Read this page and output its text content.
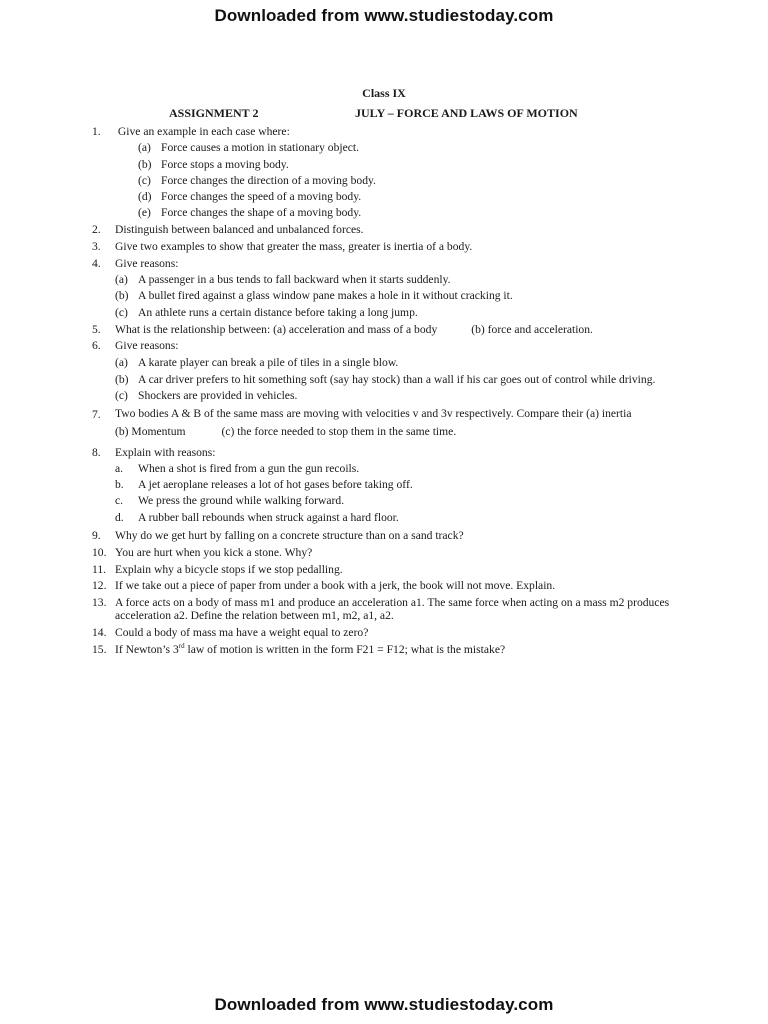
Downloaded from www.studiestoday.com
Class IX
ASSIGNMENT 2	JULY – FORCE AND LAWS OF MOTION
1.	Give an example in each case where:
(a) Force causes a motion in stationary object.
(b) Force stops a moving body.
(c) Force changes the direction of a moving body.
(d) Force changes the speed of a moving body.
(e) Force changes the shape of a moving body.
2.	Distinguish between balanced and unbalanced forces.
3.	Give two examples to show that greater the mass, greater is inertia of a body.
4.	Give reasons:
(a) A passenger in a bus tends to fall backward when it starts suddenly.
(b) A bullet fired against a glass window pane makes a hole in it without cracking it.
(c) An athlete runs a certain distance before taking a long jump.
5.	What is the relationship between: (a) acceleration and mass of a body	(b) force and acceleration.
6.	Give reasons:
(a) A karate player can break a pile of tiles in a single blow.
(b) A car driver prefers to hit something soft (say hay stock) than a wall if his car goes out of control while driving.
(c) Shockers are provided in vehicles.
7.	Two bodies A & B of the same mass are moving with velocities v and 3v respectively. Compare their (a) inertia
(b) Momentum	(c) the force needed to stop them in the same time.
8.	Explain with reasons:
a.	When a shot is fired from a gun the gun recoils.
b.	A jet aeroplane releases a lot of hot gases before taking off.
c.	We press the ground while walking forward.
d.	A rubber ball rebounds when struck against a hard floor.
9.	Why do we get hurt by falling on a concrete structure than on a sand track?
10. You are hurt when you kick a stone. Why?
11. Explain why a bicycle stops if we stop pedalling.
12. If we take out a piece of paper from under a book with a jerk, the book will not move. Explain.
13. A force acts on a body of mass m1 and produce an acceleration a1. The same force when acting on a mass m2 produces acceleration a2. Define the relation between m1, m2, a1, a2.
14. Could a body of mass ma have a weight equal to zero?
15. If Newton’s 3rd law of motion is written in the form F21 = F12; what is the mistake?
Downloaded from www.studiestoday.com
